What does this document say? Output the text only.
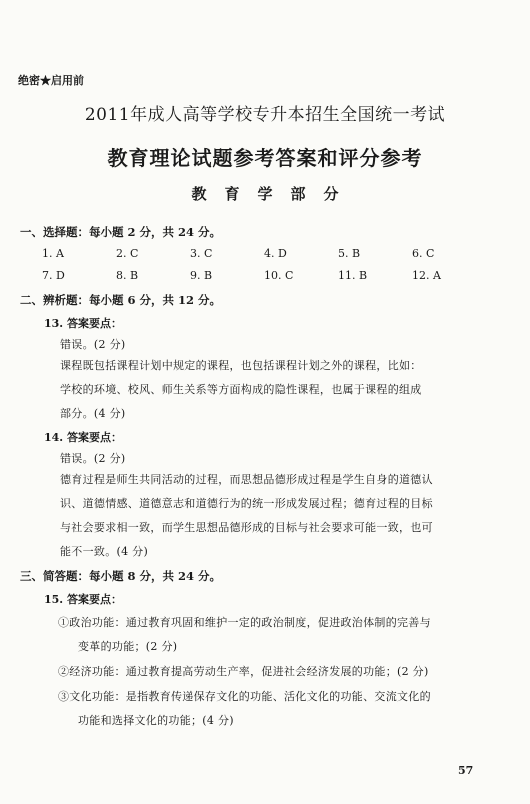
绝密★启用前
2011年成人高等学校专升本招生全国统一考试
教育理论试题参考答案和评分参考
教育学部分
一、选择题：每小题 2 分，共 24 分。
1. A	2. C	3. C	4. D	5. B	6. C
7. D	8. B	9. B	10. C	11. B	12. A
二、辨析题：每小题 6 分，共 12 分。
13. 答案要点：
错误。(2 分)
课程既包括课程计划中规定的课程，也包括课程计划之外的课程，比如：
学校的环境、校风、师生关系等方面构成的隐性课程，也属于课程的组成
部分。(4 分)
14. 答案要点：
错误。(2 分)
德育过程是师生共同活动的过程，而思想品德形成过程是学生自身的道德认
识、道德情感、道德意志和道德行为的统一形成发展过程；德育过程的目标
与社会要求相一致，而学生思想品德形成的目标与社会要求可能一致，也可
能不一致。(4 分)
三、简答题：每小题 8 分，共 24 分。
15. 答案要点：
①政治功能：通过教育巩固和维护一定的政治制度，促进政治体制的完善与
变革的功能；(2 分)
②经济功能：通过教育提高劳动生产率，促进社会经济发展的功能；(2 分)
③文化功能：是指教育传递保存文化的功能、活化文化的功能、交流文化的
功能和选择文化的功能；(4 分)
57
